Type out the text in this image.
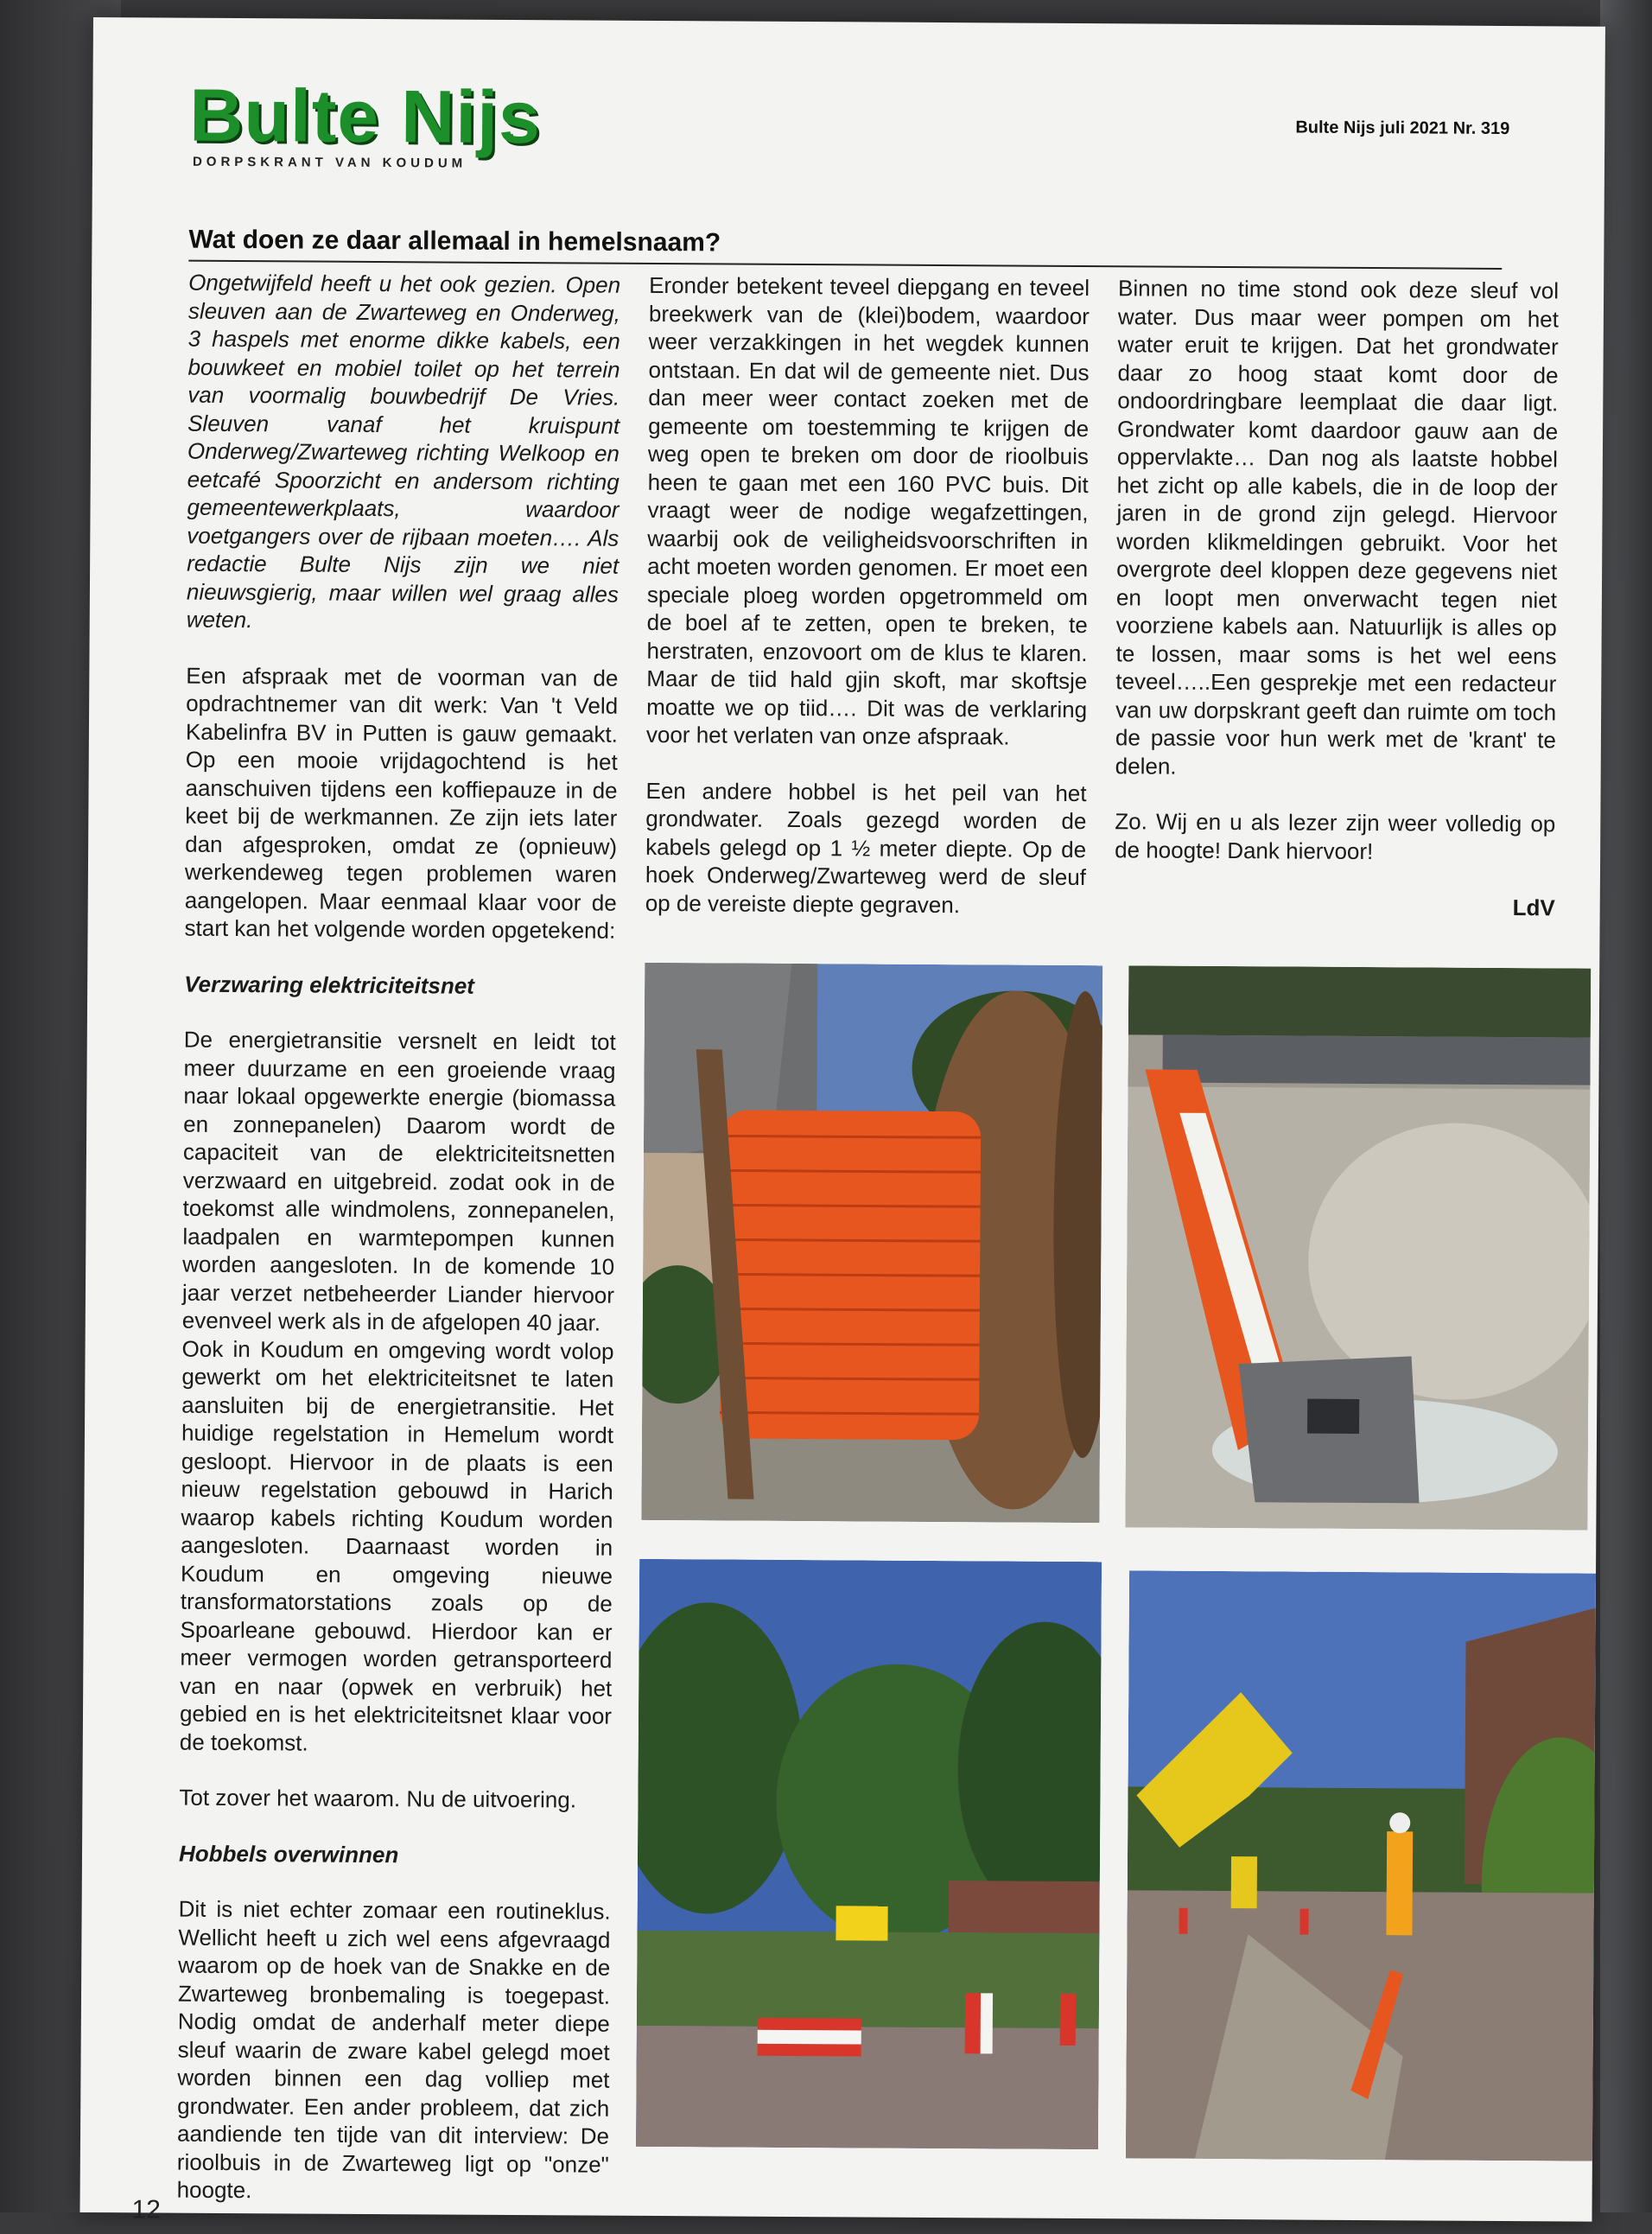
Bulte Nijs
DORPSKRANT VAN KOUDUM
Bulte Nijs juli 2021 Nr. 319
Wat doen ze daar allemaal in hemelsnaam?

Ongetwijfeld heeft u het ook gezien. Open sleuven aan de Zwarteweg en Onderweg, 3 haspels met enorme dikke kabels, een bouwkeet en mobiel toilet op het terrein van voormalig bouwbedrijf De Vries. Sleuven vanaf het kruispunt Onderweg/Zwarteweg richting Welkoop en eetcafé Spoorzicht en andersom richting gemeentewerkplaats, waardoor voetgangers over de rijbaan moeten…. Als redactie Bulte Nijs zijn we niet nieuwsgierig, maar willen wel graag alles weten.

Een afspraak met de voorman van de opdrachtnemer van dit werk: Van 't Veld Kabelinfra BV in Putten is gauw gemaakt. Op een mooie vrijdagochtend is het aanschuiven tijdens een koffiepauze in de keet bij de werkmannen. Ze zijn iets later dan afgesproken, omdat ze (opnieuw) werkendeweg tegen problemen waren aangelopen. Maar eenmaal klaar voor de start kan het volgende worden opgetekend:

Verzwaring elektriciteitsnet

De energietransitie versnelt en leidt tot meer duurzame en een groeiende vraag naar lokaal opgewerkte energie (biomassa en zonnepanelen) Daarom wordt de capaciteit van de elektriciteitsnetten verzwaard en uitgebreid. zodat ook in de toekomst alle windmolens, zonnepanelen, laadpalen en warmtepompen kunnen worden aangesloten. In de komende 10 jaar verzet netbeheerder Liander hiervoor evenveel werk als in de afgelopen 40 jaar.

Ook in Koudum en omgeving wordt volop gewerkt om het elektriciteitsnet te laten aansluiten bij de energietransitie. Het huidige regelstation in Hemelum wordt gesloopt. Hiervoor in de plaats is een nieuw regelstation gebouwd in Harich waarop kabels richting Koudum worden aangesloten. Daarnaast worden in Koudum en omgeving nieuwe transformatorstations zoals op de Spoarleane gebouwd. Hierdoor kan er meer vermogen worden getransporteerd van en naar (opwek en verbruik) het gebied en is het elektriciteitsnet klaar voor de toekomst.

Tot zover het waarom. Nu de uitvoering.

Hobbels overwinnen

Dit is niet echter zomaar een routineklus. Wellicht heeft u zich wel eens afgevraagd waarom op de hoek van de Snakke en de Zwarteweg bronbemaling is toegepast. Nodig omdat de anderhalf meter diepe sleuf waarin de zware kabel gelegd moet worden binnen een dag volliep met grondwater. Een ander probleem, dat zich aandiende ten tijde van dit interview: De rioolbuis in de Zwarteweg ligt op "onze" hoogte.

Eronder betekent teveel diepgang en teveel breekwerk van de (klei)bodem, waardoor weer verzakkingen in het wegdek kunnen ontstaan. En dat wil de gemeente niet. Dus dan meer weer contact zoeken met de gemeente om toestemming te krijgen de weg open te breken om door de rioolbuis heen te gaan met een 160 PVC buis. Dit vraagt weer de nodige wegafzettingen, waarbij ook de veiligheidsvoorschriften in acht moeten worden genomen. Er moet een speciale ploeg worden opgetrommeld om de boel af te zetten, open te breken, te herstraten, enzovoort om de klus te klaren. Maar de tiid hald gjin skoft, mar skoftsje moatte we op tiid…. Dit was de verklaring voor het verlaten van onze afspraak.

Een andere hobbel is het peil van het grondwater. Zoals gezegd worden de kabels gelegd op 1 ½ meter diepte. Op de hoek Onderweg/Zwarteweg werd de sleuf op de vereiste diepte gegraven.

Binnen no time stond ook deze sleuf vol water. Dus maar weer pompen om het water eruit te krijgen. Dat het grondwater daar zo hoog staat komt door de ondoordringbare leemplaat die daar ligt. Grondwater komt daardoor gauw aan de oppervlakte… Dan nog als laatste hobbel het zicht op alle kabels, die in de loop der jaren in de grond zijn gelegd. Hiervoor worden klikmeldingen gebruikt. Voor het overgrote deel kloppen deze gegevens niet en loopt men onverwacht tegen niet voorziene kabels aan. Natuurlijk is alles op te lossen, maar soms is het wel eens teveel…..Een gesprekje met een redacteur van uw dorpskrant geeft dan ruimte om toch de passie voor hun werk met de 'krant' te delen.

Zo. Wij en u als lezer zijn weer volledig op de hoogte! Dank hiervoor!

LdV

12
